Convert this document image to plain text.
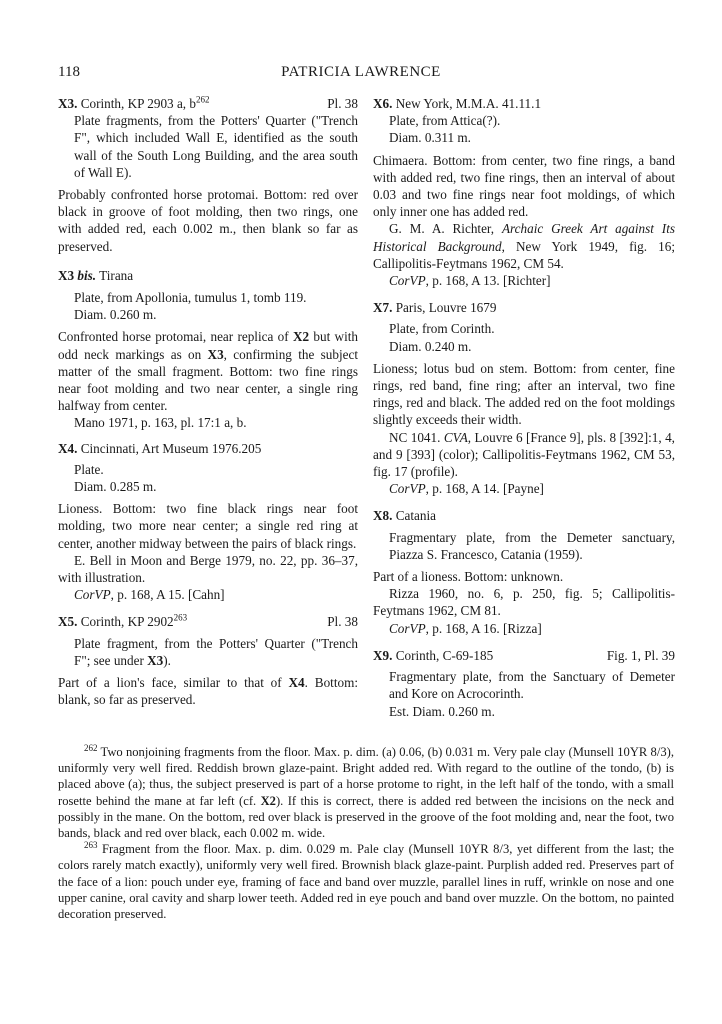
118	PATRICIA LAWRENCE
X3. Corinth, KP 2903 a, $b^{262}$	Pl. 38

Plate fragments, from the Potters' Quarter ("Trench F", which included Wall E, identified as the south wall of the South Long Building, and the area south of Wall E).

Probably confronted horse protomai. Bottom: red over black in groove of foot molding, then two rings, one with added red, each 0.002 m., then blank so far as preserved.

X3 bis. Tirana
Plate, from Apollonia, tumulus 1, tomb 119.
Diam. 0.260 m.

Confronted horse protomai, near replica of X2 but with odd neck markings as on X3, confirming the subject matter of the small fragment. Bottom: two fine rings near foot molding and two near center, a single ring halfway from center.

Mano 1971, p. 163, pl. 17:1 a, b.

X4. Cincinnati, Art Museum 1976.205
Plate.
Diam. 0.285 m.

Lioness. Bottom: two fine black rings near foot molding, two more near center; a single red ring at center, another midway between the pairs of black rings.

E. Bell in Moon and Berge 1979, no. 22, pp. 36–37, with illustration.

CorVP, p. 168, A 15. [Cahn]

X5. Corinth, KP 2902$^{263}$	Pl. 38

Plate fragment, from the Potters' Quarter ("Trench F"; see under X3).

Part of a lion's face, similar to that of X4. Bottom: blank, so far as preserved.

X6. New York, M.M.A. 41.11.1
Plate, from Attica(?).
Diam. 0.311 m.

Chimaera. Bottom: from center, two fine rings, a band with added red, two fine rings, then an interval of about 0.03 and two fine rings near foot moldings, of which only inner one has added red.

G. M. A. Richter, Archaic Greek Art against Its Historical Background, New York 1949, fig. 16; Callipolitis-Feytmans 1962, CM 54.

CorVP, p. 168, A 13. [Richter]

X7. Paris, Louvre 1679
Plate, from Corinth.
Diam. 0.240 m.

Lioness; lotus bud on stem. Bottom: from center, fine rings, red band, fine ring; after an interval, two fine rings, red and black. The added red on the foot moldings slightly exceeds their width.

NC 1041. CVA, Louvre 6 [France 9], pls. 8 [392]:1, 4, and 9 [393] (color); Callipolitis-Feytmans 1962, CM 53, fig. 17 (profile).

CorVP, p. 168, A 14. [Payne]

X8. Catania

Fragmentary plate, from the Demeter sanctuary, Piazza S. Francesco, Catania (1959).

Part of a lioness. Bottom: unknown.

Rizza 1960, no. 6, p. 250, fig. 5; Callipolitis-Feytmans 1962, CM 81.

CorVP, p. 168, A 16. [Rizza]

X9. Corinth, C-69-185	Fig. 1, Pl. 39

Fragmentary plate, from the Sanctuary of Demeter and Kore on Acrocorinth.

Est. Diam. 0.260 m.

$^{262}$ Two nonjoining fragments from the floor. Max. p. dim. (a) 0.06, (b) 0.031 m. Very pale clay (Munsell 10YR 8/3), uniformly very well fired. Reddish brown glaze-paint. Bright added red. With regard to the outline of the tondo, (b) is placed above (a); thus, the subject preserved is part of a horse protome to right, in the left half of the tondo, with a small rosette behind the mane at far left (cf. X2). If this is correct, there is added red between the incisions on the neck and possibly in the mane. On the bottom, red over black is preserved in the groove of the foot molding and, near the foot, two bands, black and red over black, each 0.002 m. wide.

$^{263}$ Fragment from the floor. Max. p. dim. 0.029 m. Pale clay (Munsell 10YR 8/3, yet different from the last; the colors rarely match exactly), uniformly very well fired. Brownish black glaze-paint. Purplish added red. Preserves part of the face of a lion: pouch under eye, framing of face and band over muzzle, parallel lines in ruff, wrinkle on nose and one upper canine, oral cavity and sharp lower teeth. Added red in eye pouch and band over muzzle. On the bottom, no painted decoration preserved.
